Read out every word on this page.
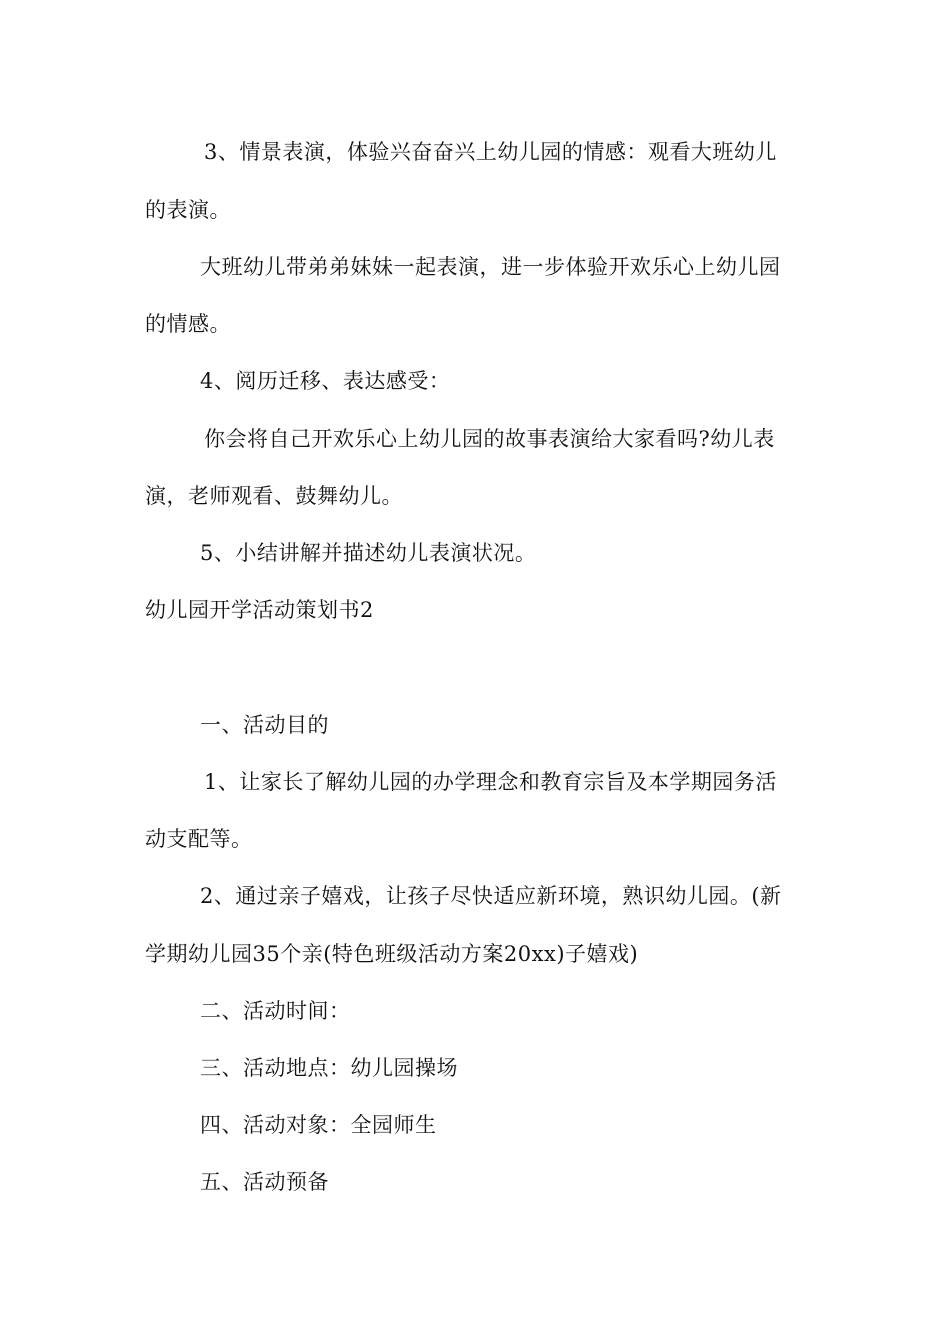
3、情景表演，体验兴奋奋兴上幼儿园的情感：观看大班幼儿
的表演。
大班幼儿带弟弟妹妹一起表演，进一步体验开欢乐心上幼儿园
的情感。
4、阅历迁移、表达感受：
你会将自己开欢乐心上幼儿园的故事表演给大家看吗?幼儿表
演，老师观看、鼓舞幼儿。
5、小结讲解并描述幼儿表演状况。
幼儿园开学活动策划书2
一、活动目的
1、让家长了解幼儿园的办学理念和教育宗旨及本学期园务活
动支配等。
2、通过亲子嬉戏，让孩子尽快适应新环境，熟识幼儿园。(新
学期幼儿园35个亲(特色班级活动方案20xx)子嬉戏)
二、活动时间：
三、活动地点：幼儿园操场
四、活动对象：全园师生
五、活动预备
